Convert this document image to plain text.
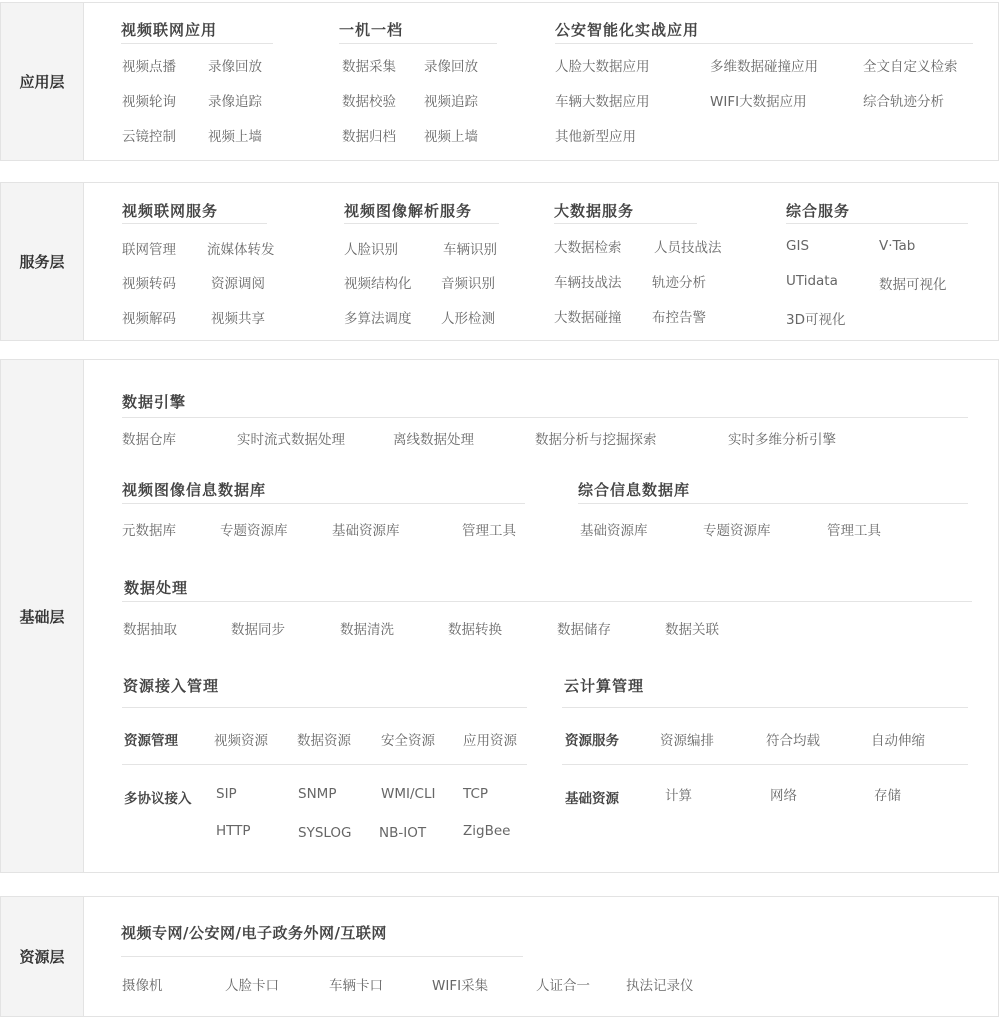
应用层
视频联网应用
视频点播 录像回放
视频轮询 录像追踪
云镜控制 视频上墙
一机一档
数据采集 录像回放
数据校验 视频追踪
数据归档 视频上墙
公安智能化实战应用
人脸大数据应用	多维数据碰撞应用	全文自定义检索
车辆大数据应用	WIFI大数据应用	综合轨迹分析
其他新型应用
服务层
视频联网服务
联网管理 流媒体转发
视频转码	资源调阅
视频解码	视频共享
视频图像解析服务
人脸识别	车辆识别
视频结构化 音频识别
多算法调度 人形检测
大数据服务
大数据检索 人员技战法
车辆技战法 轨迹分析
大数据碰撞 布控告警
综合服务
GIS	V·Tab
UTidata	数据可视化
3D可视化
基础层
数据引擎
数据仓库	实时流式数据处理	离线数据处理	数据分析与挖掘探索	实时多维分析引擎
视频图像信息数据库
元数据库	专题资源库	基础资源库	管理工具
综合信息数据库
基础资源库	专题资源库	管理工具
数据处理
数据抽取	数据同步	数据清洗	数据转换	数据储存	数据关联
资源接入管理
资源管理	视频资源 数据资源 安全资源 应用资源
多协议接入 SIP	SNMP	WMI/CLI TCP
HTTP	SYSLOG NB-IOT	ZigBee
云计算管理
资源服务	资源编排	符合均载	自动伸缩
基础资源	计算	网络	存储
资源层
视频专网/公安网/电子政务外网/互联网
摄像机	人脸卡口	车辆卡口	WIFI采集	人证合一	执法记录仪
